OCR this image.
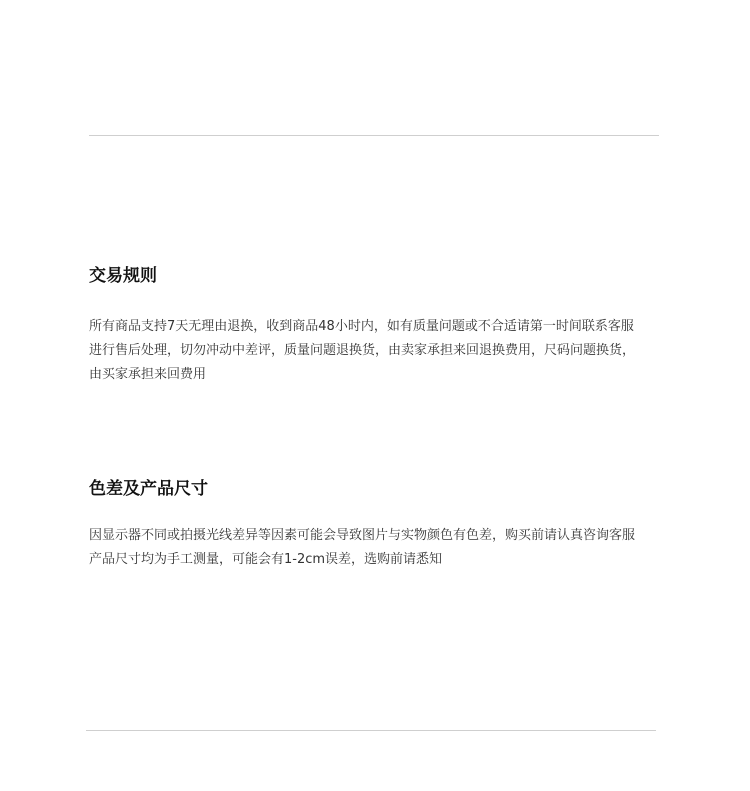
交易规则

所有商品支持7天无理由退换，收到商品48小时内，如有质量问题或不合适请第一时间联系客服
进行售后处理，切勿冲动中差评，质量问题退换货，由卖家承担来回退换费用，尺码问题换货，
由买家承担来回费用

色差及产品尺寸

因显示器不同或拍摄光线差异等因素可能会导致图片与实物颜色有色差，购买前请认真咨询客服
产品尺寸均为手工测量，可能会有1-2cm误差，选购前请悉知
